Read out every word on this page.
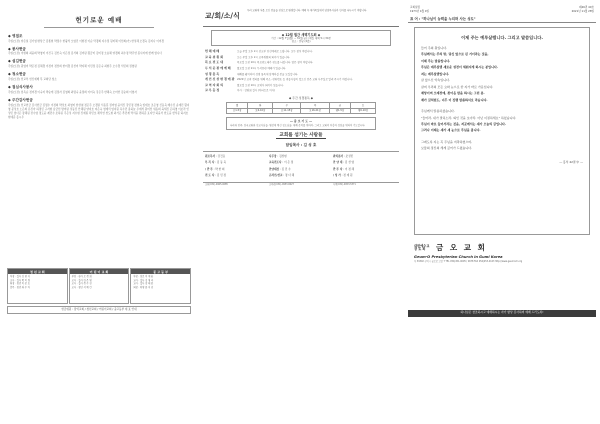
헌기로운 예배
◆ 영접조
주일(오전) 양은설 김기영 변상근 김종현 박정수 한광석 오영진 이현정 이순 탁경희 지수정 원미혜 이선희(가) 한성혜 오경숙 김지나 이미경
◆ 봉사헌금
주일(오전) 이현희 최윤희 박영미 이진구 김인숙 이은정 김서희 김미란 황금미 김미정 오승혜 양경희 최수정 박주연 봉사자에 함께 합니다
◆ 섬김헌금
주일(오전) 원영미 박은정 김혜경 이정미 정선희 한미경 김선미 박지혜 이민정 김은숙 최현주 오수경 서민희 권영란
◆ 청소헌금
주일(오전) 선교부 헌신예배 후 교회당 청소
◆ 점심식사봉사
주일(오전) 임옥순 정미경 이숙자 박순애 김정자 김영희 최명숙 윤정희 이미숙 강은주 한혜숙 오미연 김순희 이영자
◆ 주간감사헌금
주일(오전) 선교헌금 감사헌금 김명수 이정희 박성호 최영미 한상철 정은주 오경란 서동훈 권미영 윤석진 강민정 장현숙 임태호 조은영 신동욱 배수진 송재민 황지영 문성호 노은희 유진아 하정민 구자현 남궁선 방미란 성동진 안혜린 양지호 여은숙 염태식 엄지원 옥수민 용하늘 우재석 원미선 위동희 육세진 은하영 이보라 인성민 임다은 장혜린 전수영 정도윤 제민수 조하린 주은성 지수현 진예린 차민호 채서연 천도현 최가은 추민재 탁서윤 편하준 표지안 하윤서 한도윤 함서준 허지호 현예준 홍시우
청 년 교 회
부장 · 집사 김 현 식
교사 · 집사 박 미 경
회장 · 청년 이 준 호
총무 · 청년 최 수 아
어 린 이 교 회
부장 · 권사 오 정 희
교사 · 집사 한 은 영
교사 · 집사 정 수 진
교사 · 청년 서 예 린
중 고 등 부
부장 · 장로 이 재 훈
교사 · 집사 김 명 숙
교사 · 집사 강 태 윤
회장 · 학생 윤 서 진
헌금위원 : 장익교회 / 청년교회 / 어린이교회 / 중고등부 대 표 안내
교/회/소/식
우리 교회에 처음 오신 분들을 진심으로 환영합니다. 예배 후 새가족실에서 담임목사님과 인사를 나누시기 바랍니다.
◆ 12월 월간 새벽기도회 ◆
기간 : 12월 7일(월) ~ 31일(금) | 매일 새벽 5시 30분
장소 : 본당 (2층)
헌 혜 예 배	오늘 주일 오후 2시 선교부 헌신예배로 드립니다. 모두 참석 바랍니다.
교 육 위 원 회	오는 주일 오후 2시 교육위원회 회의가 있습니다.
목 요 전 도 대	목요일 오전 10시 목요전도대가 전도를 나갑니다. 많은 참여 바랍니다.
두 서 운 관 에 에 배	월요일 오전 11시 두서운관 예배가 있습니다.
성 경 통 독	새해를 맞이하여 성경 통독에 함께하실 분을 모집합니다.
개 인 신 상 변 경 에 관	2022년 교적 정리를 위해 주소, 전화번호 등 변동사항이 있으신 분은 교회 사무실로 알려 주시기 바랍니다.
교 역 자 회 의	월요일 오전 10시 교역자 회의가 있습니다.
교 우 동 정	이사 : 김영희 집사 (아파트로 이사)
◆ 주간 성경통독 ◆
월	화	수	목	금	토
요1-5장	요6-10장	요11-15장	요16-21장	행1-5장	행6-10장
― 중 보 기 도 ―
나라와 민족, 한국교회와 선교사님들, 병상에 계신 성도님들, 새해 준비를 위하여, 그리고 교회의 부흥과 성장을 위하여 기도합시다.
교회를 섬기는 사람들
담임목사 : 김 성 호
원로목사 : 강건표	사무장 : 김상현	관리집사 : 조성민
부 목 사 : 김 동 욱	교육전도사 : 이 은 정	찬 양 대 : 김 선 영
/ 반 주 : 박 한 희	찬양대장 : 김 진 수	반 주 자 : 이 정 혜
전 도 사 : 김 민 정	온라인/선교 : 정 다 혜	/ 성 가 : 정 재 원
교회(031)-0965-0085	교육관(031)-0953-8427	사택(031)-0953-5371
교회설립
1973년 4월 4일
제46권 40호
2021년 11월 28일
표 어 : "하나님이 능력을 누리며 사는 성도"
이제 주는 예루살렘니다. 그리고 말씀입니다.
들어 주의 원입니다.
주님께서는 주의 방, 당신 앞으로 된 거이라는 것을,
이제 주는 말씀입니다.
주님은 예루살렘 새로운 성전이 세워지게 하시는 분입니다.
저는 예루살렘입니다.
살 않으신 약속입니다.
살며 우리의 모든 요와 눈으로 한 지가 바로 가운입니다.
재앙이며 오래전에, 찾아온 말을 하시는 그런 분.
재가 깃처럼도, 너무 이 진행 말씀하셔요 라습니다.
주님께서 말씀하셨습니다.
"들어라, 내가 말하노라, 의인 것을 보아라. 아닌 이질하세요" 하셨습니다.
주님이 바로 들어서라는 것을, 저곳에서는 새가 오늘의 글입니다.
그러나 이제는 새가 새 눈으로 주님을 봅니다.
그래도록 지는 꼭 주님을 저쪽하였으며,
보물의 정신의 세계 깊어가 드렸습니다.
― 홍석 42절 中 ―
대한예수교
장 로 회	금 오 교 회
Geum-O Presbyterian Church in Gumi Korea
우 39302 구미시 금오로 고향 7 TEL 054)451-0095 / 0678 FAX 054)453-0123 http://www.geumoch.org
하나님은 창조하시고 예배하시는 자가 항상 감사하며 예배 드리도록!
